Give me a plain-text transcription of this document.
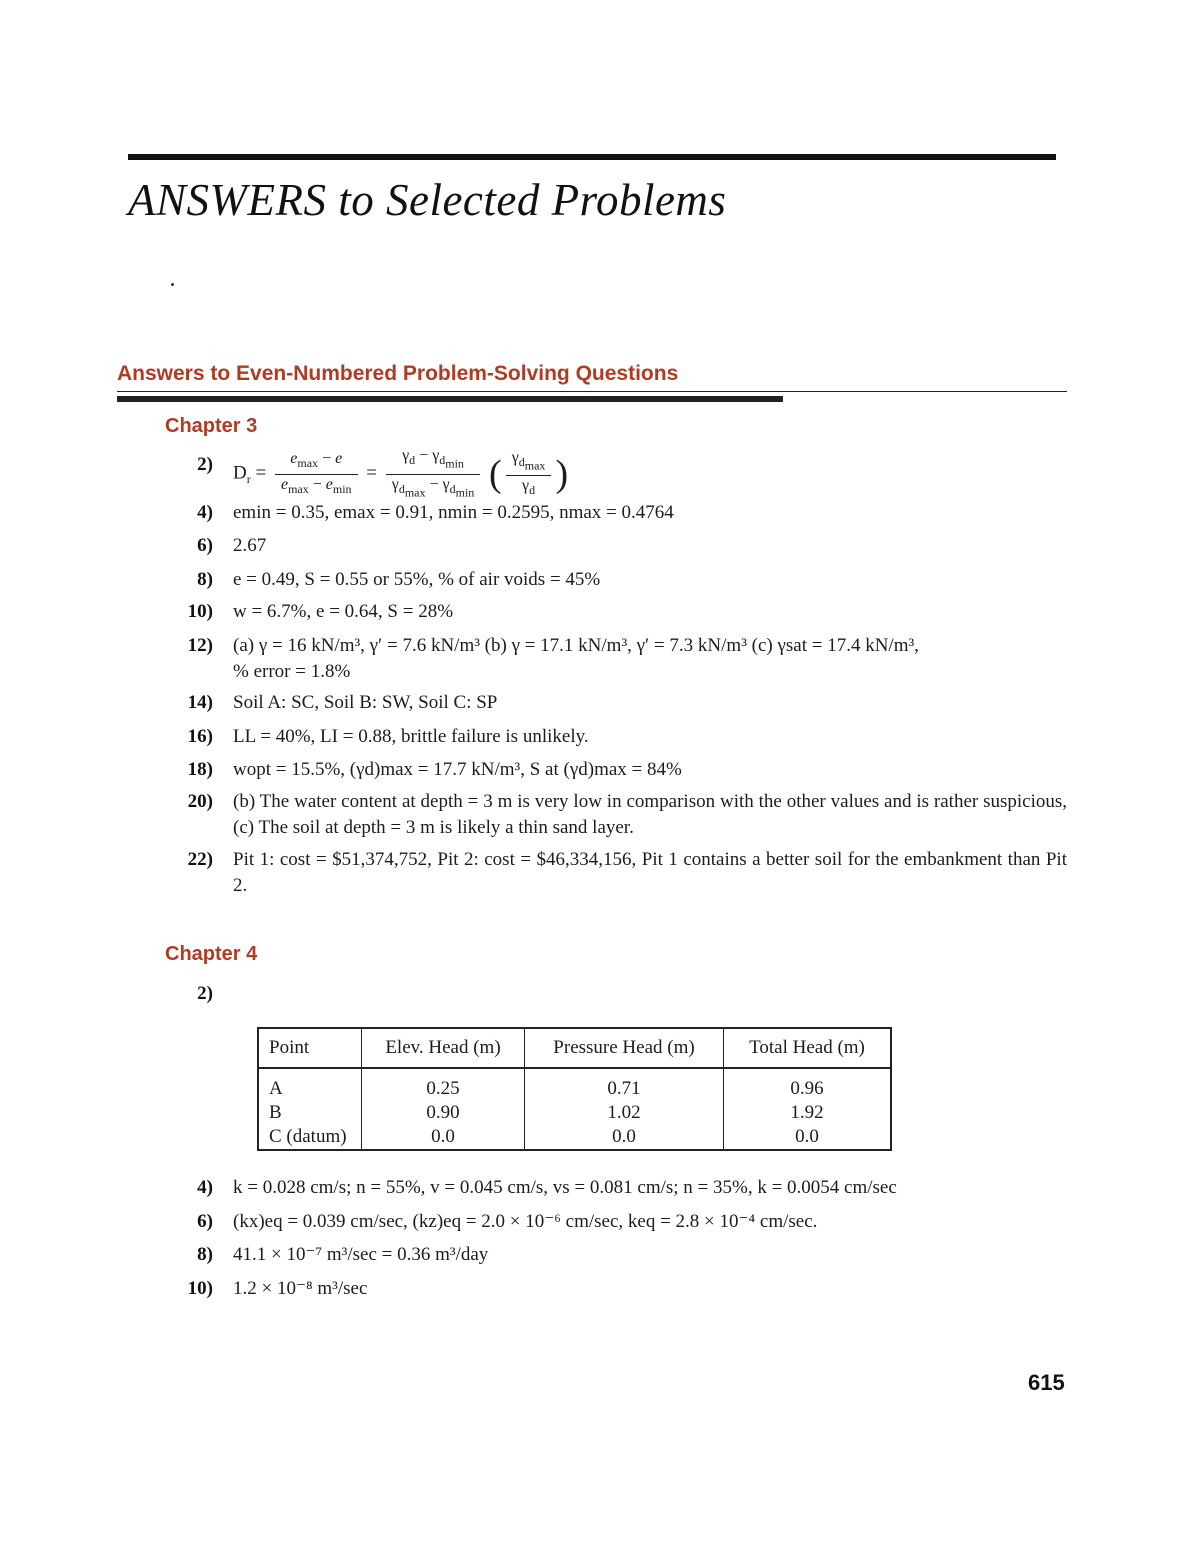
ANSWERS to Selected Problems
Answers to Even-Numbered Problem-Solving Questions
Chapter 3
2) $D_r = \frac{e_{max} - e}{e_{max} - e_{min}} = \frac{\gamma_d - \gamma_{d_{min}}}{\gamma_{d_{max}} - \gamma_{d_{min}}}$ ( $\frac{\gamma_{d_{max}}}{\gamma_d}$ )
4) emin = 0.35, emax = 0.91, nmin = 0.2595, nmax = 0.4764
6) 2.67
8) e = 0.49, S = 0.55 or 55%, % of air voids = 45%
10) w = 6.7%, e = 0.64, S = 28%
12) (a) γ = 16 kN/m³, γ′ = 7.6 kN/m³ (b) γ = 17.1 kN/m³, γ′ = 7.3 kN/m³ (c) γsat = 17.4 kN/m³, % error = 1.8%
14) Soil A: SC, Soil B: SW, Soil C: SP
16) LL = 40%, LI = 0.88, brittle failure is unlikely.
18) wopt = 15.5%, (γd)max = 17.7 kN/m³, S at (γd)max = 84%
20) (b) The water content at depth = 3 m is very low in comparison with the other values and is rather suspicious, (c) The soil at depth = 3 m is likely a thin sand layer.
22) Pit 1: cost = $51,374,752, Pit 2: cost = $46,334,156, Pit 1 contains a better soil for the embankment than Pit 2.
Chapter 4
2)
Point	Elev. Head (m)	Pressure Head (m)	Total Head (m)
A	0.25	0.71	0.96
B	0.90	1.02	1.92
C (datum)	0.0	0.0	0.0
4) k = 0.028 cm/s; n = 55%, v = 0.045 cm/s, vs = 0.081 cm/s; n = 35%, k = 0.0054 cm/sec
6) (kx)eq = 0.039 cm/sec, (kz)eq = 2.0 × 10⁻⁶ cm/sec, keq = 2.8 × 10⁻⁴ cm/sec.
8) 41.1 × 10⁻⁷ m³/sec = 0.36 m³/day
10) 1.2 × 10⁻⁸ m³/sec
615
